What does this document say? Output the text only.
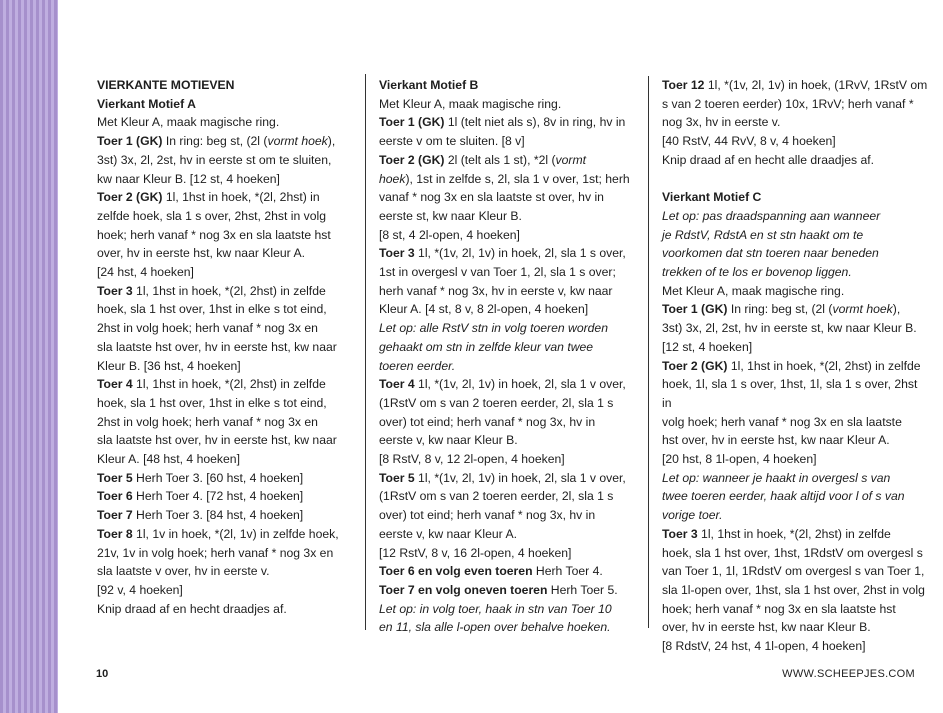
VIERKANTE MOTIEVEN

Vierkant Motief A

Met Kleur A, maak magische ring.

Toer 1 (GK) In ring: beg st, (2l (vormt hoek),

3st) 3x, 2l, 2st, hv in eerste st om te sluiten,

kw naar Kleur B. [12 st, 4 hoeken]

Toer 2 (GK) 1l, 1hst in hoek, *(2l, 2hst) in

zelfde hoek, sla 1 s over, 2hst, 2hst in volg

hoek; herh vanaf * nog 3x en sla laatste hst

over, hv in eerste hst, kw naar Kleur A.

[24 hst, 4 hoeken]

Toer 3 1l, 1hst in hoek, *(2l, 2hst) in zelfde

hoek, sla 1 hst over, 1hst in elke s tot eind,

2hst in volg hoek; herh vanaf * nog 3x en

sla laatste hst over, hv in eerste hst, kw naar

Kleur B. [36 hst, 4 hoeken]

Toer 4 1l, 1hst in hoek, *(2l, 2hst) in zelfde

hoek, sla 1 hst over, 1hst in elke s tot eind,

2hst in volg hoek; herh vanaf * nog 3x en

sla laatste hst over, hv in eerste hst, kw naar

Kleur A. [48 hst, 4 hoeken]

Toer 5 Herh Toer 3. [60 hst, 4 hoeken]

Toer 6 Herh Toer 4. [72 hst, 4 hoeken]

Toer 7 Herh Toer 3. [84 hst, 4 hoeken]

Toer 8 1l, 1v in hoek, *(2l, 1v) in zelfde hoek,

21v, 1v in volg hoek; herh vanaf * nog 3x en

sla laatste v over, hv in eerste v.

[92 v, 4 hoeken]

Knip draad af en hecht draadjes af.

Vierkant Motief B

Met Kleur A, maak magische ring.

Toer 1 (GK) 1l (telt niet als s), 8v in ring, hv in

eerste v om te sluiten. [8 v]

Toer 2 (GK) 2l (telt als 1 st), *2l (vormt

hoek), 1st in zelfde s, 2l, sla 1 v over, 1st; herh

vanaf * nog 3x en sla laatste st over, hv in

eerste st, kw naar Kleur B.

[8 st, 4 2l-open, 4 hoeken]

Toer 3 1l, *(1v, 2l, 1v) in hoek, 2l, sla 1 s over,

1st in overgesl v van Toer 1, 2l, sla 1 s over;

herh vanaf * nog 3x, hv in eerste v, kw naar

Kleur A. [4 st, 8 v, 8 2l-open, 4 hoeken]

Let op: alle RstV stn in volg toeren worden

gehaakt om stn in zelfde kleur van twee

toeren eerder.

Toer 4 1l, *(1v, 2l, 1v) in hoek, 2l, sla 1 v over,

(1RstV om s van 2 toeren eerder, 2l, sla 1 s

over) tot eind; herh vanaf * nog 3x, hv in

eerste v, kw naar Kleur B.

[8 RstV, 8 v, 12 2l-open, 4 hoeken]

Toer 5 1l, *(1v, 2l, 1v) in hoek, 2l, sla 1 v over,

(1RstV om s van 2 toeren eerder, 2l, sla 1 s

over) tot eind; herh vanaf * nog 3x, hv in

eerste v, kw naar Kleur A.

[12 RstV, 8 v, 16 2l-open, 4 hoeken]

Toer 6 en volg even toeren Herh Toer 4.

Toer 7 en volg oneven toeren Herh Toer 5.

Let op: in volg toer, haak in stn van Toer 10

en 11, sla alle l-open over behalve hoeken.

Toer 12 1l, *(1v, 2l, 1v) in hoek, (1RvV, 1RstV om

s van 2 toeren eerder) 10x, 1RvV; herh vanaf *

nog 3x, hv in eerste v.

[40 RstV, 44 RvV, 8 v, 4 hoeken]

Knip draad af en hecht alle draadjes af.

Vierkant Motief C

Let op: pas draadspanning aan wanneer

je RdstV, RdstA en st stn haakt om te

voorkomen dat stn toeren naar beneden

trekken of te los er bovenop liggen.

Met Kleur A, maak magische ring.

Toer 1 (GK) In ring: beg st, (2l (vormt hoek),

3st) 3x, 2l, 2st, hv in eerste st, kw naar Kleur B.

[12 st, 4 hoeken]

Toer 2 (GK) 1l, 1hst in hoek, *(2l, 2hst) in zelfde

hoek, 1l, sla 1 s over, 1hst, 1l, sla 1 s over, 2hst in

volg hoek; herh vanaf * nog 3x en sla laatste

hst over, hv in eerste hst, kw naar Kleur A.

[20 hst, 8 1l-open, 4 hoeken]

Let op: wanneer je haakt in overgesl s van

twee toeren eerder, haak altijd voor l of s van

vorige toer.

Toer 3 1l, 1hst in hoek, *(2l, 2hst) in zelfde

hoek, sla 1 hst over, 1hst, 1RdstV om overgesl s

van Toer 1, 1l, 1RdstV om overgesl s van Toer 1,

sla 1l-open over, 1hst, sla 1 hst over, 2hst in volg

hoek; herh vanaf * nog 3x en sla laatste hst

over, hv in eerste hst, kw naar Kleur B.

[8 RdstV, 24 hst, 4 1l-open, 4 hoeken]

10	WWW.SCHEEPJES.COM
